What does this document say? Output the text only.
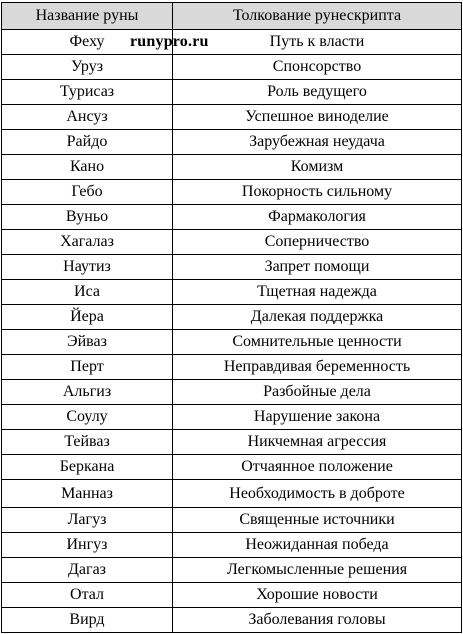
Название руны	Толкование рунескрипта
Феху runypro.ru	Путь к власти
Уруз	Спонсорство
Турисаз	Роль ведущего
Ансуз	Успешное виноделие
Райдо	Зарубежная неудача
Кано	Комизм
Гебо	Покорность сильному
Вуньо	Фармакология
Хагалаз	Соперничество
Наутиз	Запрет помощи
Иса	Тщетная надежда
Йера	Далекая поддержка
Эйваз	Сомнительные ценности
Перт	Неправдивая беременность
Альгиз	Разбойные дела
Соулу	Нарушение закона
Тейваз	Никчемная агрессия
Беркана	Отчаянное положение
Манназ	Необходимость в доброте
Лагуз	Священные источники
Ингуз	Неожиданная победа
Дагаз	Легкомысленные решения
Отал	Хорошие новости
Вирд	Заболевания головы
